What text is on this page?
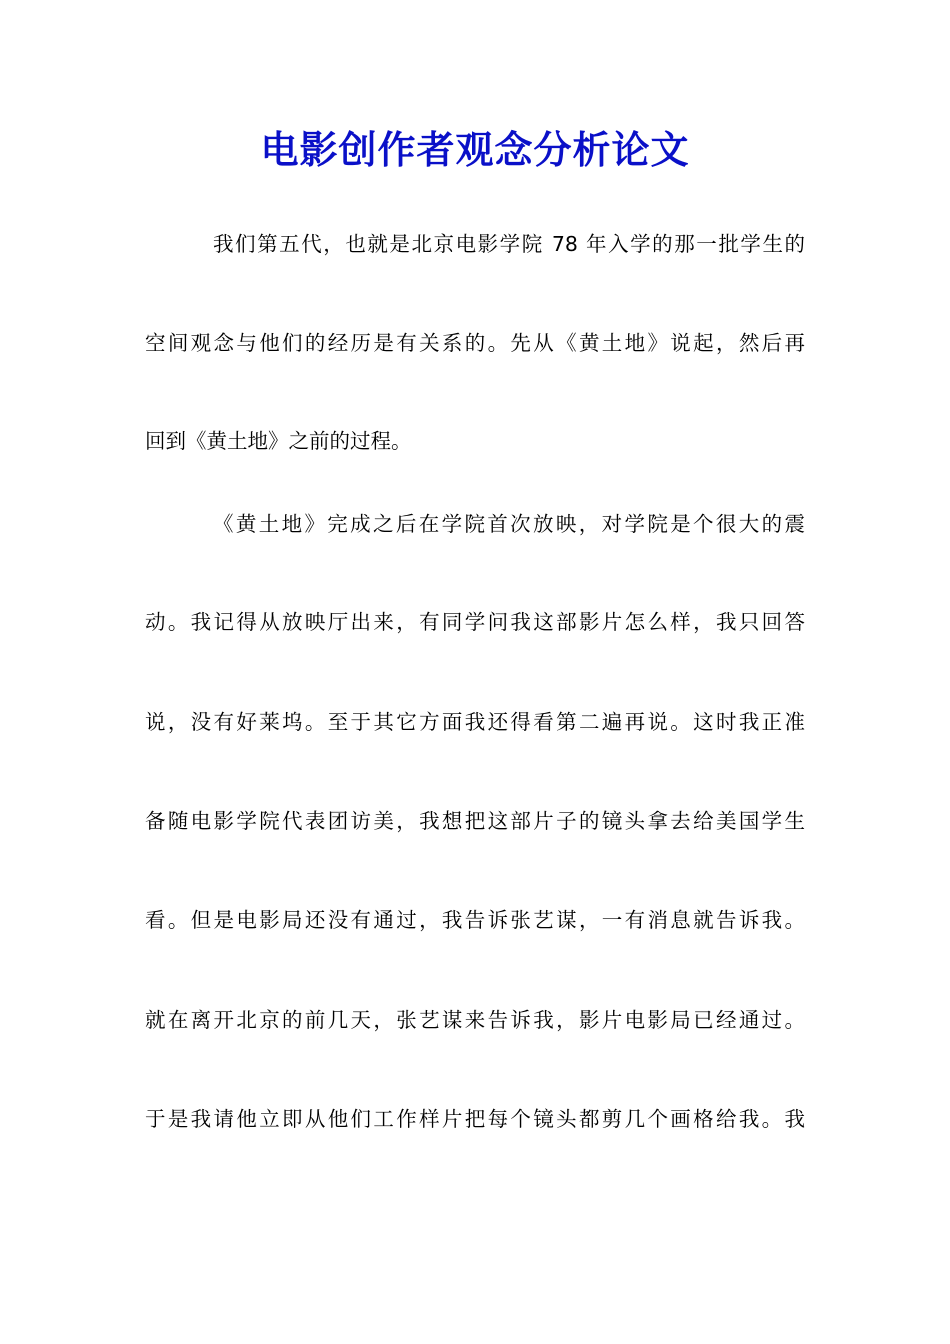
电影创作者观念分析论文
我们第五代，也就是北京电影学院 78 年入学的那一批学生的
空间观念与他们的经历是有关系的。先从《黄土地》说起，然后再
回到《黄土地》之前的过程。
《黄土地》完成之后在学院首次放映，对学院是个很大的震
动。我记得从放映厅出来，有同学问我这部影片怎么样，我只回答
说，没有好莱坞。至于其它方面我还得看第二遍再说。这时我正准
备随电影学院代表团访美，我想把这部片子的镜头拿去给美国学生
看。但是电影局还没有通过，我告诉张艺谋，一有消息就告诉我。
就在离开北京的前几天，张艺谋来告诉我，影片电影局已经通过。
于是我请他立即从他们工作样片把每个镜头都剪几个画格给我。我
